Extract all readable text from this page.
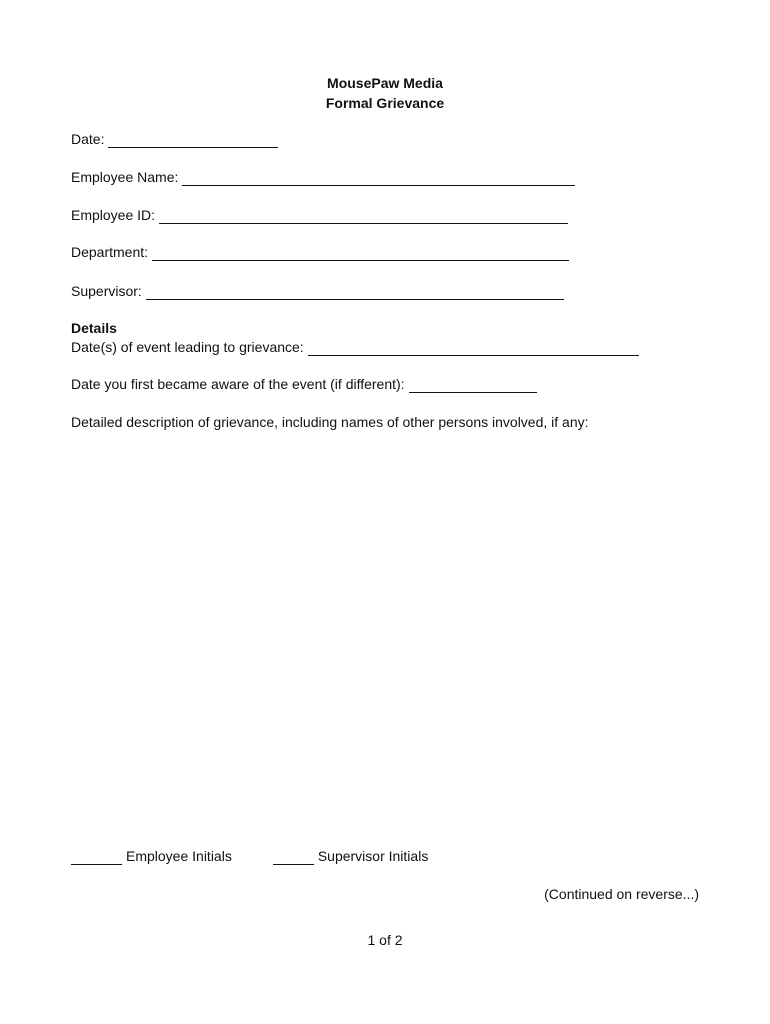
MousePaw Media
Formal Grievance
Date:
Employee Name:
Employee ID:
Department:
Supervisor:
Details
Date(s) of event leading to grievance:
Date you first became aware of the event (if different):
Detailed description of grievance, including names of other persons involved, if any:
Employee Initials	Supervisor Initials
(Continued on reverse...)
1 of 2
